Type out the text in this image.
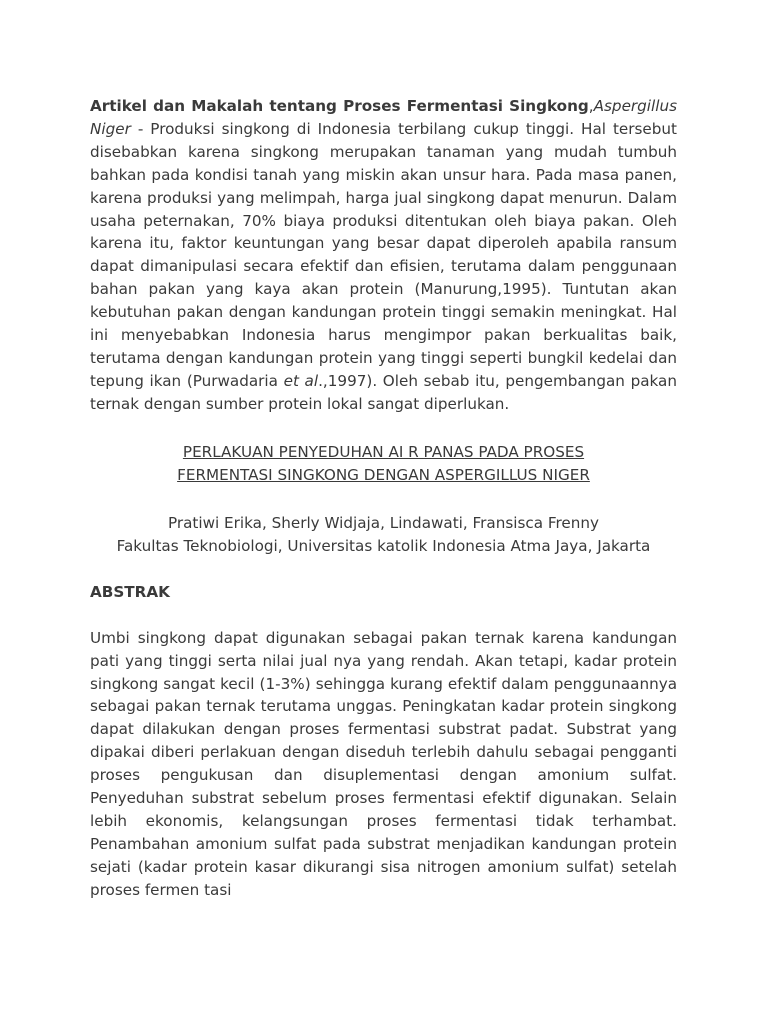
Artikel dan Makalah tentang Proses Fermentasi Singkong,Aspergillus Niger - Produksi singkong di Indonesia terbilang cukup tinggi. Hal tersebut disebabkan karena singkong merupakan tanaman yang mudah tumbuh bahkan pada kondisi tanah yang miskin akan unsur hara. Pada masa panen, karena produksi yang melimpah, harga jual singkong dapat menurun. Dalam usaha peternakan, 70% biaya produksi ditentukan oleh biaya pakan. Oleh karena itu, faktor keuntungan yang besar dapat diperoleh apabila ransum dapat dimanipulasi secara efektif dan efisien, terutama dalam penggunaan bahan pakan yang kaya akan protein (Manurung,1995). Tuntutan akan kebutuhan pakan dengan kandungan protein tinggi semakin meningkat. Hal ini menyebabkan Indonesia harus mengimpor pakan berkualitas baik, terutama dengan kandungan protein yang tinggi seperti bungkil kedelai dan tepung ikan (Purwadaria et al.,1997). Oleh sebab itu, pengembangan pakan ternak dengan sumber protein lokal sangat diperlukan.

PERLAKUAN PENYEDUHAN AI R PANAS PADA PROSES
FERMENTASI SINGKONG DENGAN ASPERGILLUS NIGER
Pratiwi Erika, Sherly Widjaja, Lindawati, Fransisca Frenny
Fakultas Teknobiologi, Universitas katolik Indonesia Atma Jaya, Jakarta
ABSTRAK

Umbi singkong dapat digunakan sebagai pakan ternak karena kandungan pati yang tinggi serta nilai jual nya yang rendah. Akan tetapi, kadar protein singkong sangat kecil (1-3%) sehingga kurang efektif dalam penggunaannya sebagai pakan ternak terutama unggas. Peningkatan kadar protein singkong dapat dilakukan dengan proses fermentasi substrat padat. Substrat yang dipakai diberi perlakuan dengan diseduh terlebih dahulu sebagai pengganti proses pengukusan dan disuplementasi dengan amonium sulfat. Penyeduhan substrat sebelum proses fermentasi efektif digunakan. Selain lebih ekonomis, kelangsungan proses fermentasi tidak terhambat. Penambahan amonium sulfat pada substrat menjadikan kandungan protein sejati (kadar protein kasar dikurangi sisa nitrogen amonium sulfat) setelah proses fermen tasi
